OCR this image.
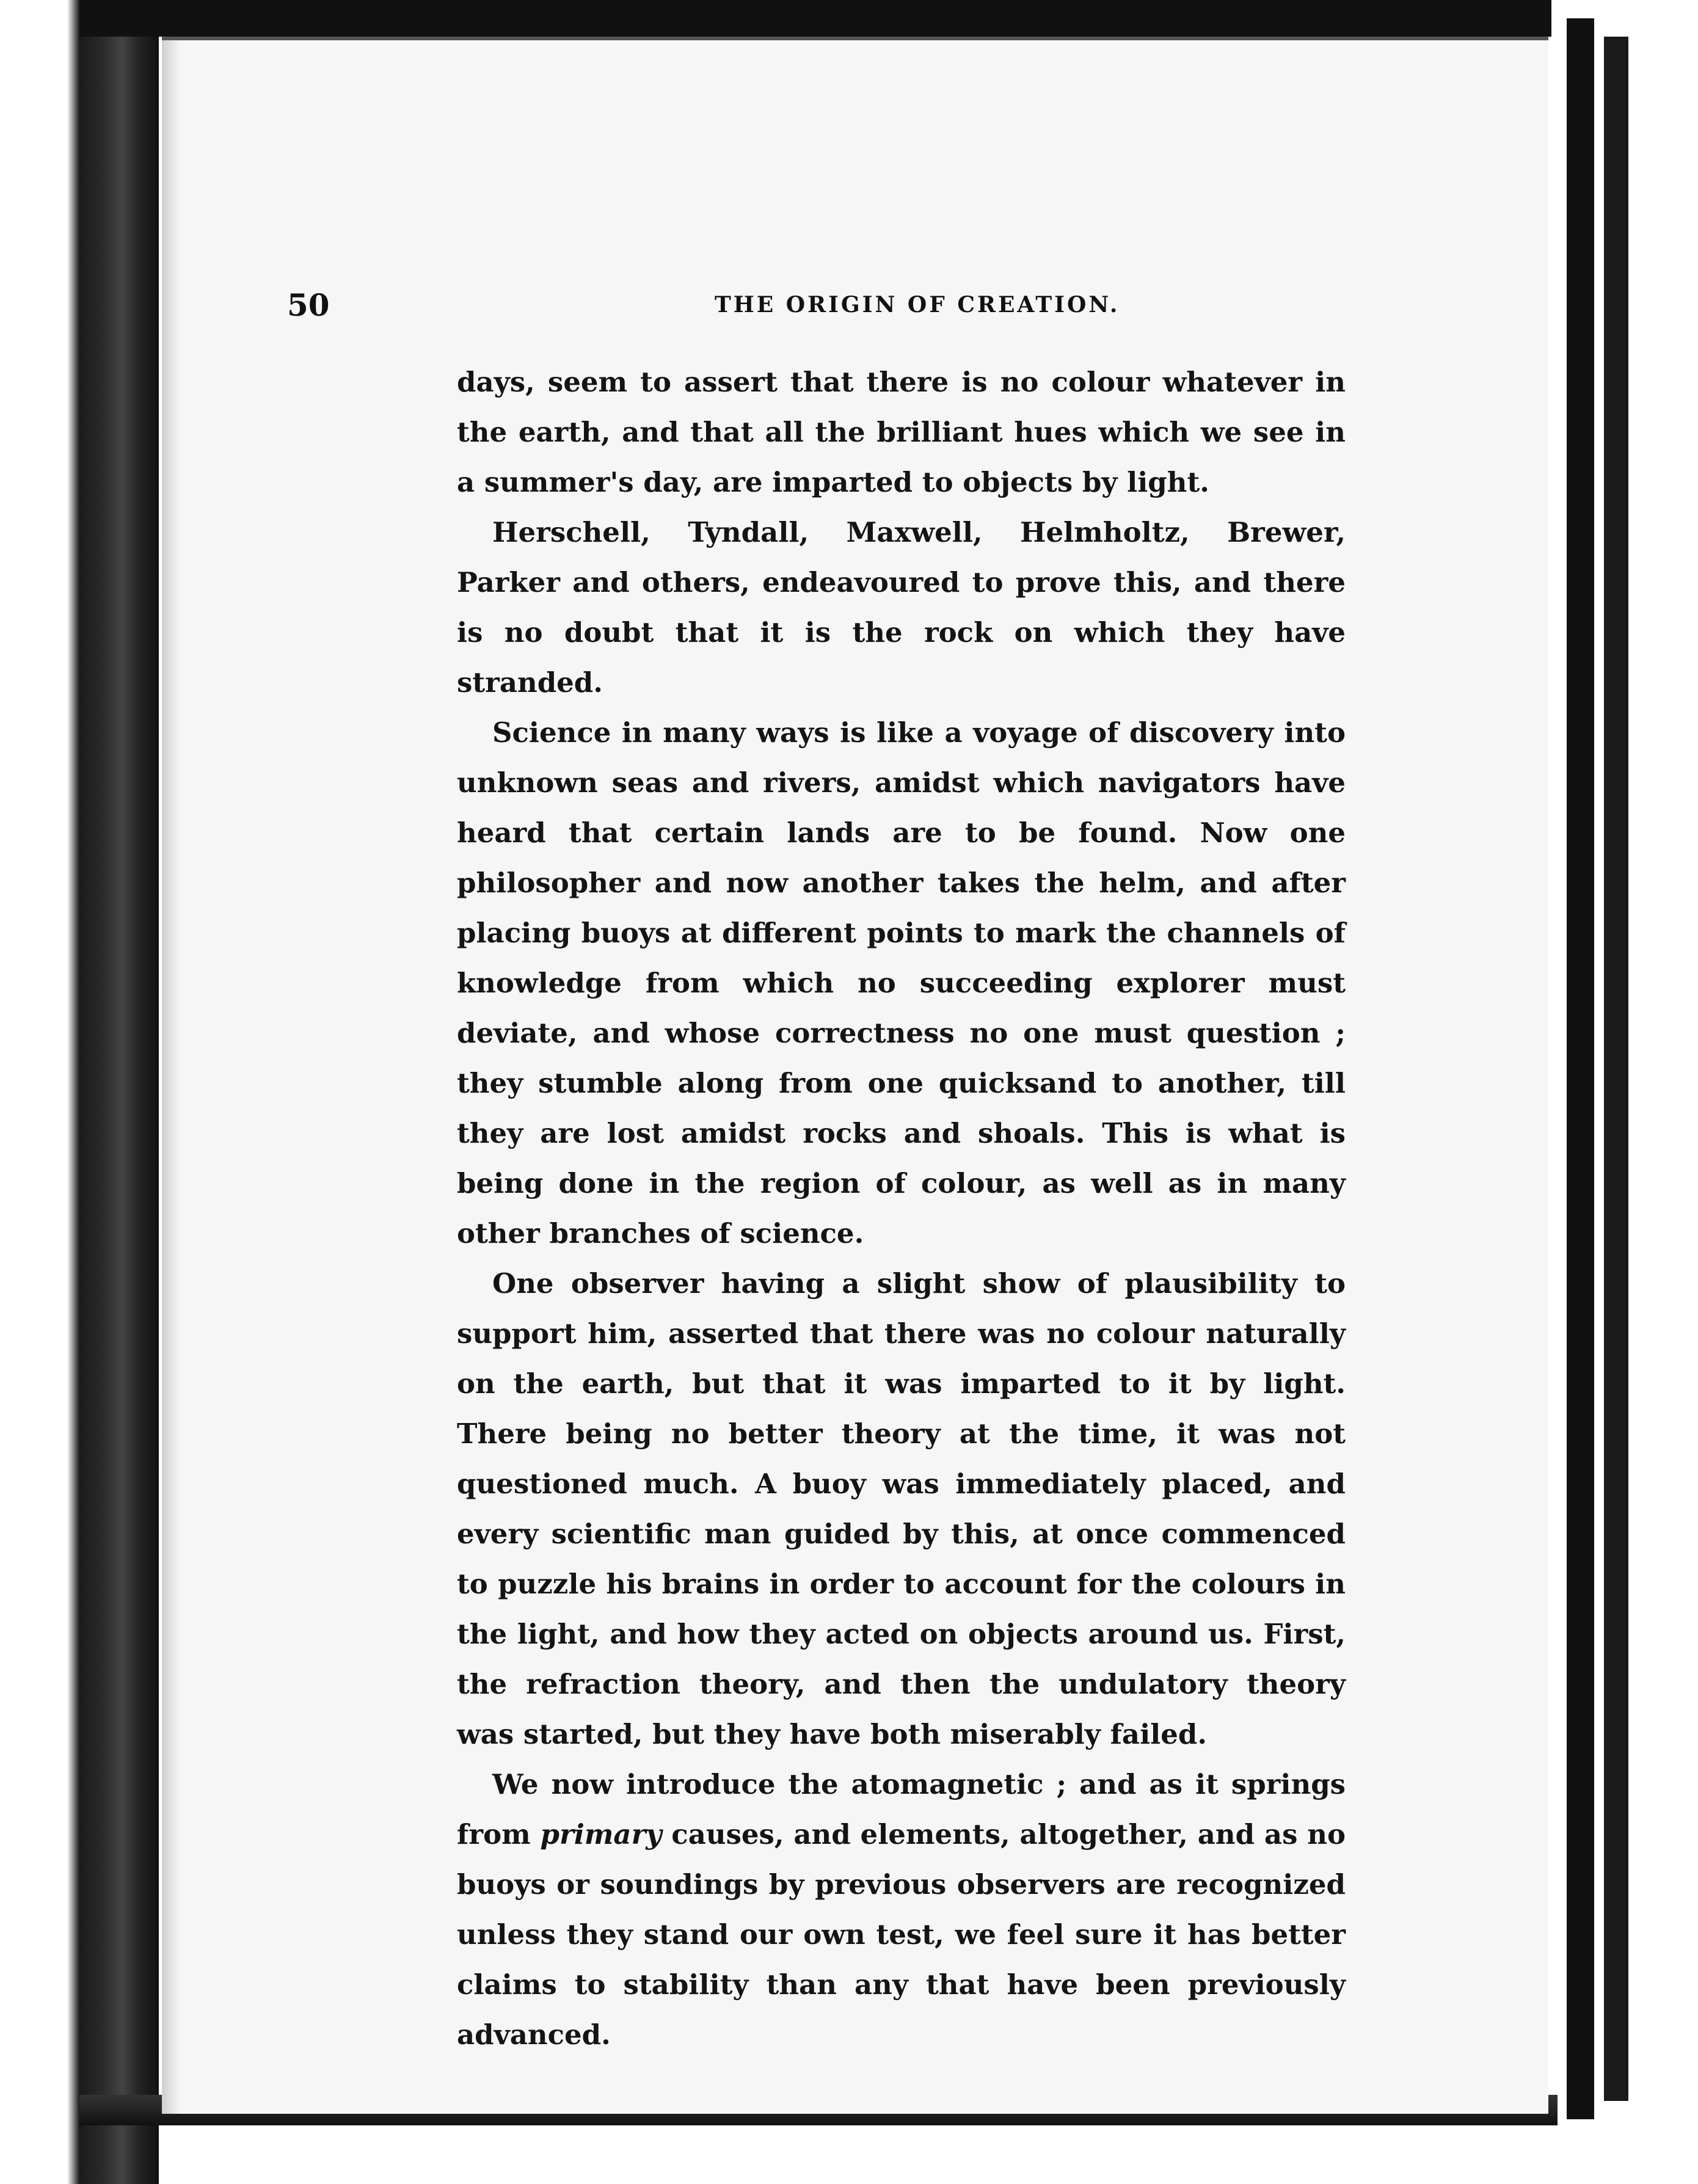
50	THE ORIGIN OF CREATION.

days, seem to assert that there is no colour whatever in the earth, and that all the brilliant hues which we see in a summer's day, are imparted to objects by light.

Herschell, Tyndall, Maxwell, Helmholtz, Brewer, Parker and others, endeavoured to prove this, and there is no doubt that it is the rock on which they have stranded.

Science in many ways is like a voyage of discovery into unknown seas and rivers, amidst which navigators have heard that certain lands are to be found. Now one philosopher and now another takes the helm, and after placing buoys at different points to mark the channels of knowledge from which no succeeding explorer must deviate, and whose correctness no one must question ; they stumble along from one quicksand to another, till they are lost amidst rocks and shoals. This is what is being done in the region of colour, as well as in many other branches of science.

One observer having a slight show of plausibility to support him, asserted that there was no colour naturally on the earth, but that it was imparted to it by light. There being no better theory at the time, it was not questioned much. A buoy was immediately placed, and every scientific man guided by this, at once commenced to puzzle his brains in order to account for the colours in the light, and how they acted on objects around us. First, the refraction theory, and then the undulatory theory was started, but they have both miserably failed.

We now introduce the atomagnetic ; and as it springs from primary causes, and elements, altogether, and as no buoys or soundings by previous observers are recognized unless they stand our own test, we feel sure it has better claims to stability than any that have been previously advanced.
